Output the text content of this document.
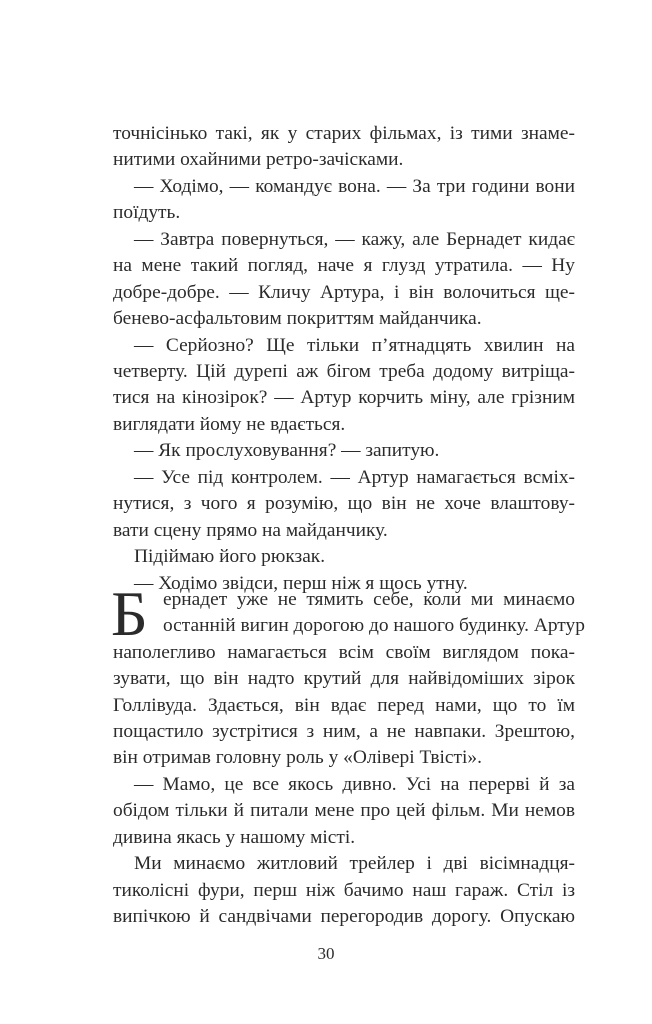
точнісінько такі, як у старих фільмах, із тими знаме-
нитими охайними ретро-зачісками.
— Ходімо, — командує вона. — За три години вони
поїдуть.
— Завтра повернуться, — кажу, але Бернадет кидає
на мене такий погляд, наче я глузд утратила. — Ну
добре-добре. — Кличу Артура, і він волочиться ще-
беневo-асфальтовим покриттям майданчика.
— Серйозно? Ще тільки п’ятнадцять хвилин на
четверту. Цій дурепі аж бігом треба додому витріща-
тися на кінозірок? — Артур корчить міну, але грізним
виглядати йому не вдається.
— Як прослуховування? — запитую.
— Усе під контролем. — Артур намагається всміх-
нутися, з чого я розумію, що він не хоче влаштову-
вати сцену прямо на майданчику.
Підіймаю його рюкзак.
— Ходімо звідси, перш ніж я щось утну.
Б ернадет уже не тямить себе, коли ми минаємо
останній вигин дорогою до нашого будинку. Артур
наполегливо намагається всім своїм виглядом пока-
зувати, що він надто крутий для найвідоміших зірок
Голлівуда. Здається, він вдає перед нами, що то їм
пощастило зустрітися з ним, а не навпаки. Зрештою,
він отримав головну роль у «Олівері Твісті».
— Мамо, це все якось дивно. Усі на перерві й за
обідом тільки й питали мене про цей фільм. Ми немов
дивина якась у нашому місті.
Ми минаємо житловий трейлер і дві вісімнадця-
тиколісні фури, перш ніж бачимо наш гараж. Стіл із
випічкою й сандвічами перегородив дорогу. Опускаю
30
